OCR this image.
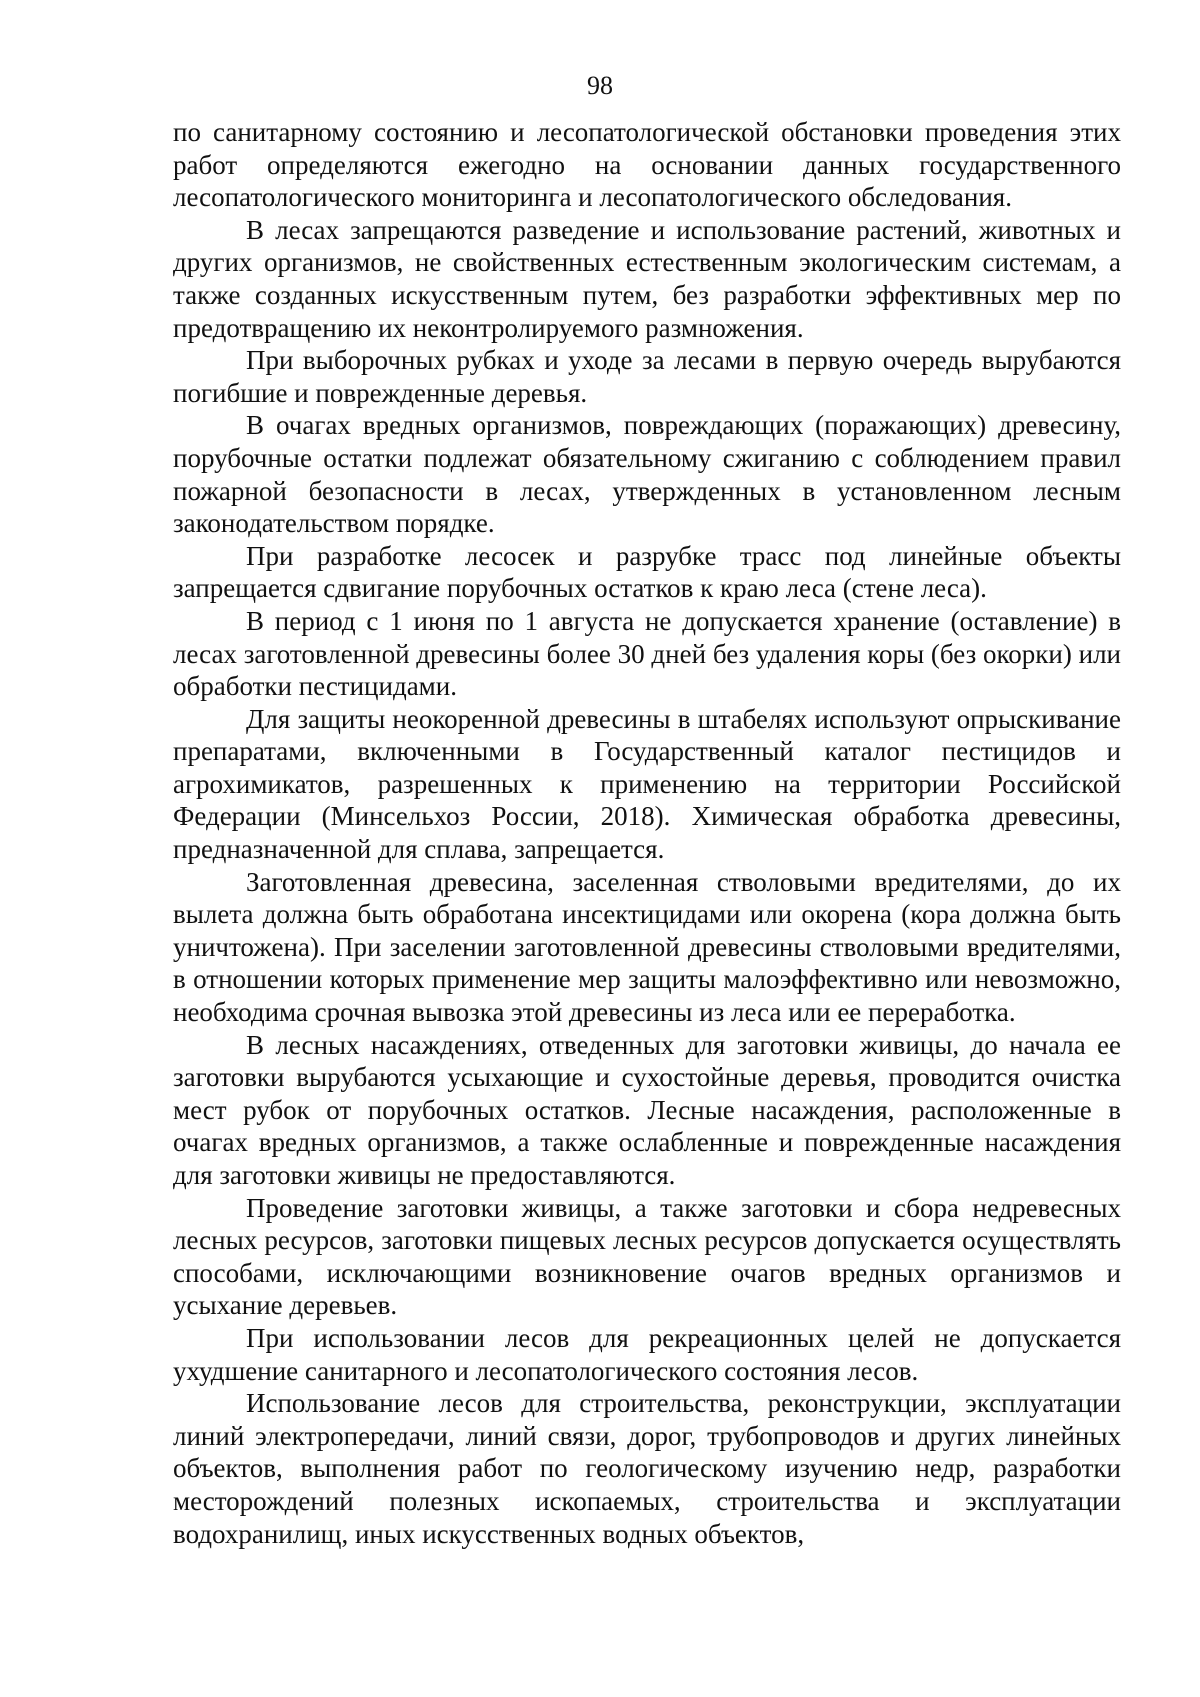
98

по санитарному состоянию и лесопатологической обстановки проведения этих работ определяются ежегодно на основании данных государственного лесопатологического мониторинга и лесопатологического обследования.

В лесах запрещаются разведение и использование растений, животных и других организмов, не свойственных естественным экологическим системам, а также созданных искусственным путем, без разработки эффективных мер по предотвращению их неконтролируемого размножения.

При выборочных рубках и уходе за лесами в первую очередь вырубаются погибшие и поврежденные деревья.

В очагах вредных организмов, повреждающих (поражающих) древесину, порубочные остатки подлежат обязательному сжиганию с соблюдением правил пожарной безопасности в лесах, утвержденных в установленном лесным законодательством порядке.

При разработке лесосек и разрубке трасс под линейные объекты запрещается сдвигание порубочных остатков к краю леса (стене леса).

В период с 1 июня по 1 августа не допускается хранение (оставление) в лесах заготовленной древесины более 30 дней без удаления коры (без окорки) или обработки пестицидами.

Для защиты неокоренной древесины в штабелях используют опрыскивание препаратами, включенными в Государственный каталог пестицидов и агрохимикатов, разрешенных к применению на территории Российской Федерации (Минсельхоз России, 2018). Химическая обработка древесины, предназначенной для сплава, запрещается.

Заготовленная древесина, заселенная стволовыми вредителями, до их вылета должна быть обработана инсектицидами или окорена (кора должна быть уничтожена). При заселении заготовленной древесины стволовыми вредителями, в отношении которых применение мер защиты малоэффективно или невозможно, необходима срочная вывозка этой древесины из леса или ее переработка.

В лесных насаждениях, отведенных для заготовки живицы, до начала ее заготовки вырубаются усыхающие и сухостойные деревья, проводится очистка мест рубок от порубочных остатков. Лесные насаждения, расположенные в очагах вредных организмов, а также ослабленные и поврежденные насаждения для заготовки живицы не предоставляются.

Проведение заготовки живицы, а также заготовки и сбора недревесных лесных ресурсов, заготовки пищевых лесных ресурсов допускается осуществлять способами, исключающими возникновение очагов вредных организмов и усыхание деревьев.

При использовании лесов для рекреационных целей не допускается ухудшение санитарного и лесопатологического состояния лесов.

Использование лесов для строительства, реконструкции, эксплуатации линий электропередачи, линий связи, дорог, трубопроводов и других линейных объектов, выполнения работ по геологическому изучению недр, разработки месторождений полезных ископаемых, строительства и эксплуатации водохранилищ, иных искусственных водных объектов,
